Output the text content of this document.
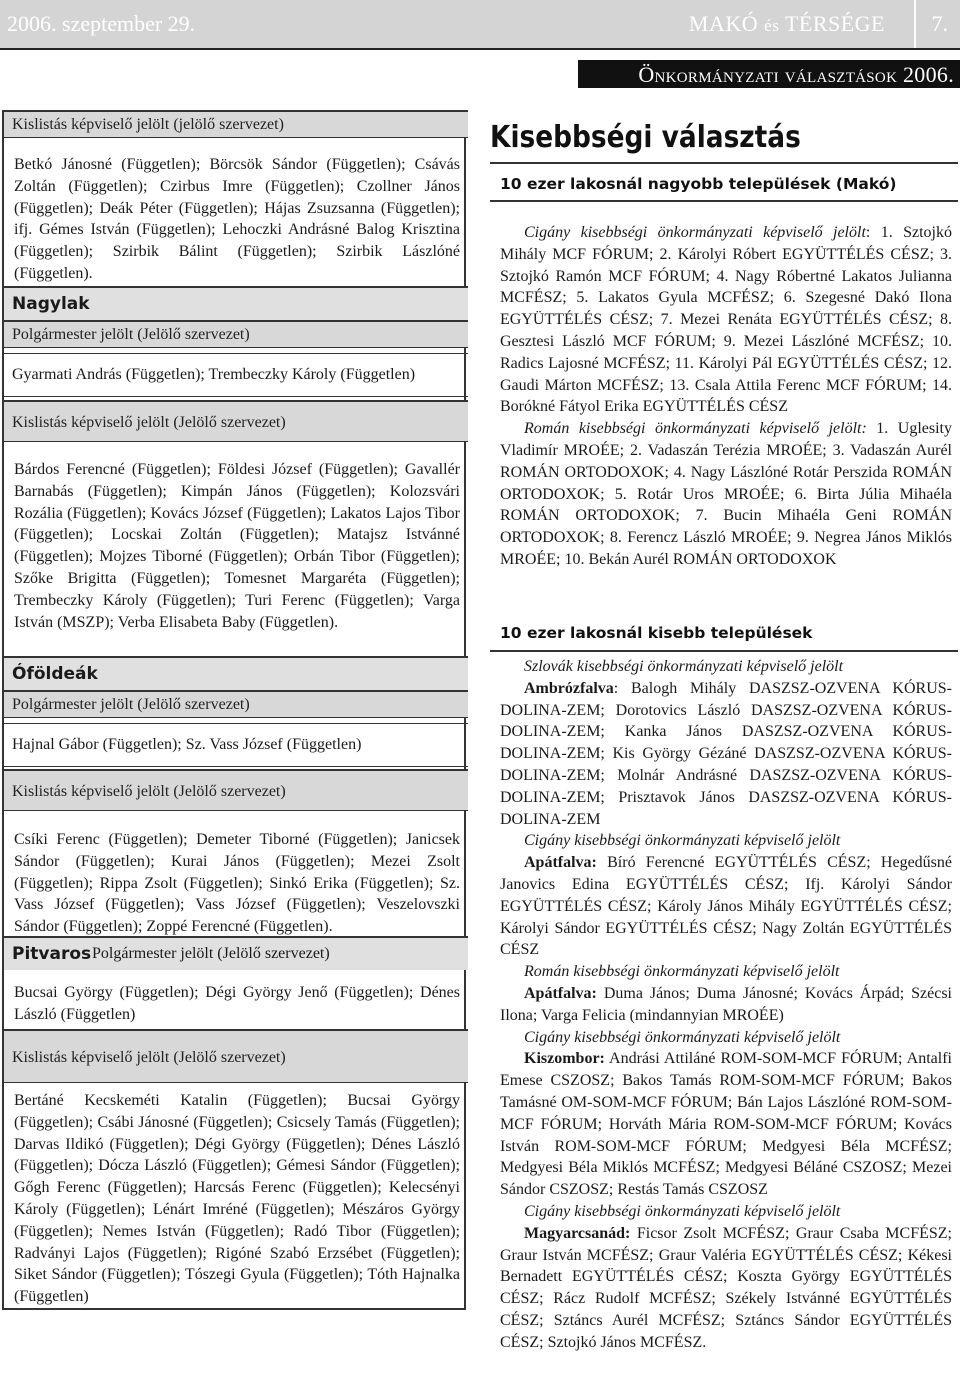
2006. szeptember 29.	MAKÓ és TÉRSÉGE 7.
Önkormányzati választások 2006.
Kislistás képviselő jelölt (jelölő szervezet)
Betkó Jánosné (Független); Börcsök Sándor (Független); Csávás Zoltán (Független); Czirbus Imre (Független); Czollner János (Független); Deák Péter (Független); Hájas Zsuzsanna (Független); ifj. Gémes István (Független); Lehoczki Andrásné Balog Krisztina (Független); Szirbik Bálint (Független); Szirbik Lászlóné (Független).
Nagylak
Polgármester jelölt (Jelölő szervezet)
Gyarmati András (Független); Trembeczky Károly (Független)
Kislistás képviselő jelölt (Jelölő szervezet)
Bárdos Ferencné (Független); Földesi József (Független); Gavallér Barnabás (Független); Kimpán János (Független); Kolozsvári Rozália (Független); Kovács József (Független); Lakatos Lajos Tibor (Független); Locskai Zoltán (Független); Matajsz Istvánné (Független); Mojzes Tiborné (Független); Orbán Tibor (Független); Szőke Brigitta (Független); Tomesnet Margaréta (Független); Trembeczky Károly (Független); Turi Ferenc (Független); Varga István (MSZP); Verba Elisabeta Baby (Független).
Óföldeák
Polgármester jelölt (Jelölő szervezet)
Hajnal Gábor (Független); Sz. Vass József (Független)
Kislistás képviselő jelölt (Jelölő szervezet)
Csíki Ferenc (Független); Demeter Tiborné (Független); Janicsek Sándor (Független); Kurai János (Független); Mezei Zsolt (Független); Rippa Zsolt (Független); Sinkó Erika (Független); Sz. Vass József (Független); Vass József (Független); Veszelovszki Sándor (Független); Zoppé Ferencné (Független).
Pitvaros Polgármester jelölt (Jelölő szervezet)
Bucsai György (Független); Dégi György Jenő (Független); Dénes László (Független)
Kislistás képviselő jelölt (Jelölő szervezet)
Bertáné Kecskeméti Katalin (Független); Bucsai György (Független); Csábi Jánosné (Független); Csicsely Tamás (Független); Darvas Ildikó (Független); Dégi György (Független); Dénes László (Független); Dócza László (Független); Gémesi Sándor (Független); Gőgh Ferenc (Független); Harcsás Ferenc (Független); Kelecsényi Károly (Független); Lénárt Imréné (Független); Mészáros György (Független); Nemes István (Független); Radó Tibor (Független); Radványi Lajos (Független); Rigóné Szabó Erzsébet (Független); Siket Sándor (Független); Tószegi Gyula (Független); Tóth Hajnalka (Független)
Kisebbségi választás
10 ezer lakosnál nagyobb települések (Makó)
Cigány kisebbségi önkormányzati képviselő jelölt: 1. Sztojkó Mihály MCF FÓRUM; 2. Károlyi Róbert EGYÜTTÉLÉS CÉSZ; 3. Sztojkó Ramón MCF FÓRUM; 4. Nagy Róbertné Lakatos Julianna MCFÉSZ; 5. Lakatos Gyula MCFÉSZ; 6. Szegesné Dakó Ilona EGYÜTTÉLÉS CÉSZ; 7. Mezei Renáta EGYÜTTÉLÉS CÉSZ; 8. Gesztesi László MCF FÓRUM; 9. Mezei Lászlóné MCFÉSZ; 10. Radics Lajosné MCFÉSZ; 11. Károlyi Pál EGYÜTTÉLÉS CÉSZ; 12. Gaudi Márton MCFÉSZ; 13. Csala Attila Ferenc MCF FÓRUM; 14. Borókné Fátyol Erika EGYÜTTÉLÉS CÉSZ
Román kisebbségi önkormányzati képviselő jelölt: 1. Uglesity Vladimír MROÉE; 2. Vadaszán Terézia MROÉE; 3. Vadaszán Aurél ROMÁN ORTODOXOK; 4. Nagy Lászlóné Rotár Perszida ROMÁN ORTODOXOK; 5. Rotár Uros MROÉE; 6. Birta Júlia Mihaéla ROMÁN ORTODOXOK; 7. Bucin Mihaéla Geni ROMÁN ORTODOXOK; 8. Ferencz László MROÉE; 9. Negrea János Miklós MROÉE; 10. Bekán Aurél ROMÁN ORTODOXOK
10 ezer lakosnál kisebb települések
Szlovák kisebbségi önkormányzati képviselő jelölt
Ambrózfalva: Balogh Mihály DASZSZ-OZVENA KÓRUS-DOLINA-ZEM; Dorotovics László DASZSZ-OZVENA KÓRUS-DOLINA-ZEM; Kanka János DASZSZ-OZVENA KÓRUS-DOLINA-ZEM; Kis György Gézáné DASZSZ-OZVENA KÓRUS-DOLINA-ZEM; Molnár Andrásné DASZSZ-OZVENA KÓRUS-DOLINA-ZEM; Prisztavok János DASZSZ-OZVENA KÓRUS-DOLINA-ZEM
Cigány kisebbségi önkormányzati képviselő jelölt
Apátfalva: Bíró Ferencné EGYÜTTÉLÉS CÉSZ; Hegedűsné Janovics Edina EGYÜTTÉLÉS CÉSZ; Ifj. Károlyi Sándor EGYÜTTÉLÉS CÉSZ; Károly János Mihály EGYÜTTÉLÉS CÉSZ; Károlyi Sándor EGYÜTTÉLÉS CÉSZ; Nagy Zoltán EGYÜTTÉLÉS CÉSZ
Román kisebbségi önkormányzati képviselő jelölt
Apátfalva: Duma János; Duma Jánosné; Kovács Árpád; Szécsi Ilona; Varga Felicia (mindannyian MROÉE)
Cigány kisebbségi önkormányzati képviselő jelölt
Kiszombor: Andrási Attiláné ROM-SOM-MCF FÓRUM; Antalfi Emese CSZOSZ; Bakos Tamás ROM-SOM-MCF FÓRUM; Bakos Tamásné OM-SOM-MCF FÓRUM; Bán Lajos Lászlóné ROM-SOM-MCF FÓRUM; Horváth Mária ROM-SOM-MCF FÓRUM; Kovács István ROM-SOM-MCF FÓRUM; Medgyesi Béla MCFÉSZ; Medgyesi Béla Miklós MCFÉSZ; Medgyesi Béláné CSZOSZ; Mezei Sándor CSZOSZ; Restás Tamás CSZOSZ
Cigány kisebbségi önkormányzati képviselő jelölt
Magyarcsanád: Ficsor Zsolt MCFÉSZ; Graur Csaba MCFÉSZ; Graur István MCFÉSZ; Graur Valéria EGYÜTTÉLÉS CÉSZ; Kékesi Bernadett EGYÜTTÉLÉS CÉSZ; Koszta György EGYÜTTÉLÉS CÉSZ; Rácz Rudolf MCFÉSZ; Székely Istvánné EGYÜTTÉLÉS CÉSZ; Sztáncs Aurél MCFÉSZ; Sztáncs Sándor EGYÜTTÉLÉS CÉSZ; Sztojkó János MCFÉSZ.
